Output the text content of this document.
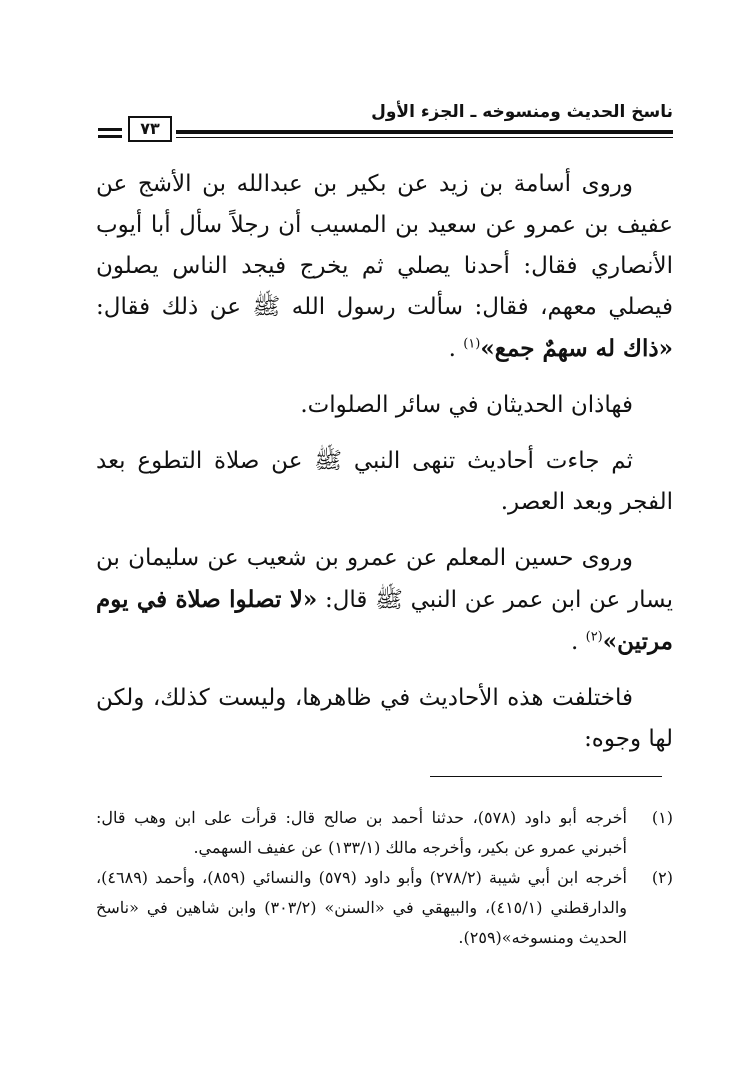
ناسخ الحديث ومنسوخه ـ الجزء الأول
٧٣

وروى أسامة بن زيد عن بكير بن عبدالله بن الأشج عن عفيف بن عمرو عن سعيد بن المسيب أن رجلاً سأل أبا أيوب الأنصاري فقال: أحدنا يصلي ثم يخرج فيجد الناس يصلون فيصلي معهم، فقال: سألت رسول الله ﷺ عن ذلك فقال: «ذاك له سهمٌ جمع»$^{(١)}$ .

فهاذان الحديثان في سائر الصلوات.

ثم جاءت أحاديث تنهى النبي ﷺ عن صلاة التطوع بعد الفجر وبعد العصر.

وروى حسين المعلم عن عمرو بن شعيب عن سليمان بن يسار عن ابن عمر عن النبي ﷺ قال: «لا تصلوا صلاة في يوم مرتين»$^{(٢)}$ .

فاختلفت هذه الأحاديث في ظاهرها، وليست كذلك، ولكن لها وجوه:

(١)
أخرجه أبو داود (٥٧٨)، حدثنا أحمد بن صالح قال: قرأت على ابن وهب قال: أخبرني عمرو عن بكير، وأخرجه مالك (١٣٣/١) عن عفيف السهمي.

(٢)
أخرجه ابن أبي شيبة (٢٧٨/٢) وأبو داود (٥٧٩) والنسائي (٨٥٩)، وأحمد (٤٦٨٩)، والدارقطني (٤١٥/١)، والبيهقي في «السنن» (٣٠٣/٢) وابن شاهين في «ناسخ الحديث ومنسوخه»(٢٥٩).
